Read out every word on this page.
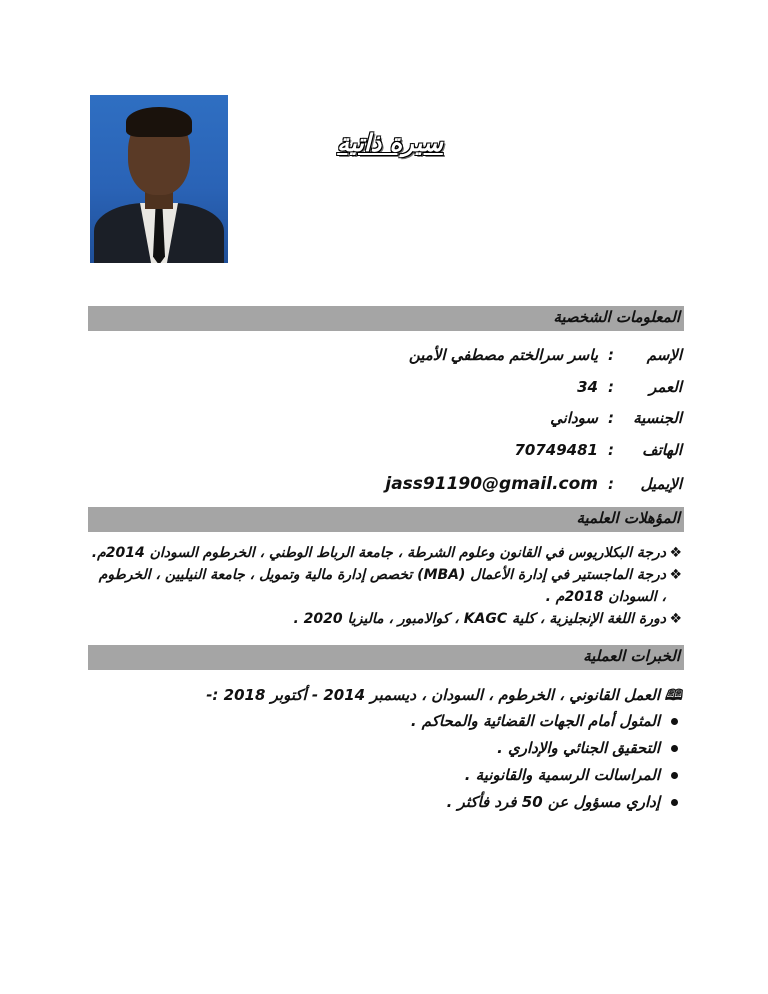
سيرة ذاتية
المعلومات الشخصية
الإسم:ياسر سرالختم مصطفي الأمين
العمر:34
الجنسية:سوداني
الهاتف:70749481
الإيميل:jass91190@gmail.com
المؤهلات العلمية
❖درجة البكلاريوس في القانون وعلوم الشرطة ، جامعة الرباط الوطني ، الخرطوم السودان 2014م.
❖درجة الماجستير في إدارة الأعمال (MBA) تخصص إدارة مالية وتمويل ، جامعة النيليين ، الخرطوم
، السودان 2018م .
❖دورة اللغة الإنجليزية ، كلية KAGC ، كوالامبور ، ماليزيا 2020 .
الخبرات العملية
🕮العمل القانوني ، الخرطوم ، السودان ، ديسمبر 2014 - أكتوبر 2018 :-
المثول أمام الجهات القضائية والمحاكم .
التحقيق الجنائي والإداري .
المراسالت الرسمية والقانونية .
إداري مسؤول عن 50 فرد فأكثر .
